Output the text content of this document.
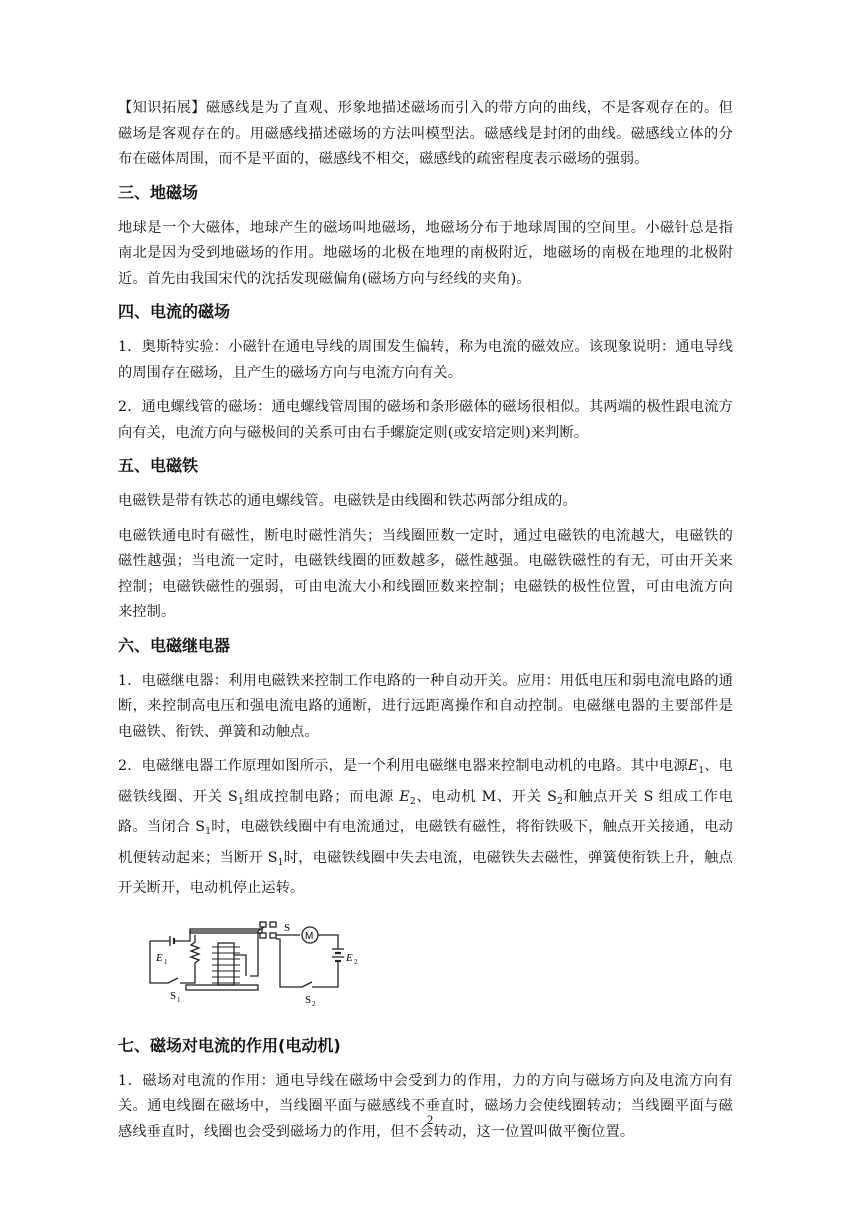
【知识拓展】磁感线是为了直观、形象地描述磁场而引入的带方向的曲线，不是客观存在的。但磁场是客观存在的。用磁感线描述磁场的方法叫模型法。磁感线是封闭的曲线。磁感线立体的分布在磁体周围，而不是平面的，磁感线不相交，磁感线的疏密程度表示磁场的强弱。

三、地磁场

地球是一个大磁体，地球产生的磁场叫地磁场，地磁场分布于地球周围的空间里。小磁针总是指南北是因为受到地磁场的作用。地磁场的北极在地理的南极附近，地磁场的南极在地理的北极附近。首先由我国宋代的沈括发现磁偏角(磁场方向与经线的夹角)。

四、电流的磁场

1．奥斯特实验：小磁针在通电导线的周围发生偏转，称为电流的磁效应。该现象说明：通电导线的周围存在磁场，且产生的磁场方向与电流方向有关。

2．通电螺线管的磁场：通电螺线管周围的磁场和条形磁体的磁场很相似。其两端的极性跟电流方向有关，电流方向与磁极间的关系可由右手螺旋定则(或安培定则)来判断。

五、电磁铁

电磁铁是带有铁芯的通电螺线管。电磁铁是由线圈和铁芯两部分组成的。

电磁铁通电时有磁性，断电时磁性消失；当线圈匝数一定时，通过电磁铁的电流越大，电磁铁的磁性越强；当电流一定时，电磁铁线圈的匝数越多，磁性越强。电磁铁磁性的有无，可由开关来控制；电磁铁磁性的强弱，可由电流大小和线圈匝数来控制；电磁铁的极性位置，可由电流方向来控制。

六、电磁继电器

1．电磁继电器：利用电磁铁来控制工作电路的一种自动开关。应用：用低电压和弱电流电路的通断，来控制高电压和强电流电路的通断，进行远距离操作和自动控制。电磁继电器的主要部件是电磁铁、衔铁、弹簧和动触点。

2．电磁继电器工作原理如图所示，是一个利用电磁继电器来控制电动机的电路。其中电源$E_1$、电磁铁线圈、开关 $S_1$组成控制电路；而电源 $E_2$、电动机 M、开关 $S_2$和触点开关 S 组成工作电路。当闭合 $S_1$时，电磁铁线圈中有电流通过，电磁铁有磁性，将衔铁吸下，触点开关接通，电动机便转动起来；当断开 $S_1$时，电磁铁线圈中失去电流，电磁铁失去磁性，弹簧使衔铁上升，触点开关断开，电动机停止运转。

E 1
S 1
S
M
E 2
S 2
七、磁场对电流的作用(电动机)

1．磁场对电流的作用：通电导线在磁场中会受到力的作用，力的方向与磁场方向及电流方向有关。通电线圈在磁场中，当线圈平面与磁感线不垂直时，磁场力会使线圈转动；当线圈平面与磁感线垂直时，线圈也会受到磁场力的作用，但不会转动，这一位置叫做平衡位置。

2
